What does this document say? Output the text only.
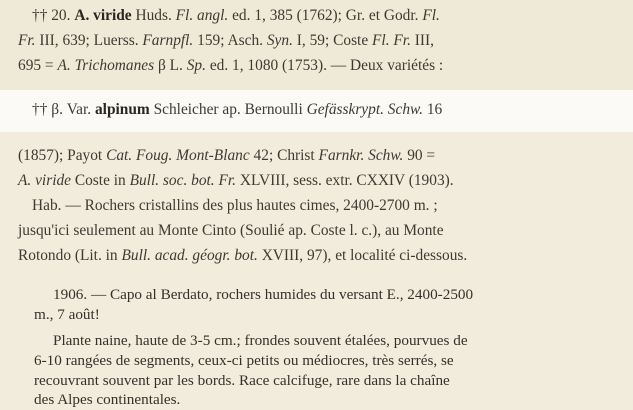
†† 20. A. viride Huds. Fl. angl. ed. 1, 385 (1762); Gr. et Godr. Fl.
Fr. III, 639; Luerss. Farnpfl. 159; Asch. Syn. I, 59; Coste Fl. Fr. III,
695 = A. Trichomanes β L. Sp. ed. 1, 1080 (1753). — Deux variétés :
†† β. Var. alpinum Schleicher ap. Bernoulli Gefässkrypt. Schw. 16
(1857); Payot Cat. Foug. Mont-Blanc 42; Christ Farnkr. Schw. 90 =
A. viride Coste in Bull. soc. bot. Fr. XLVIII, sess. extr. CXXIV (1903).
Hab. — Rochers cristallins des plus hautes cimes, 2400-2700 m. ;
jusqu'ici seulement au Monte Cinto (Soulié ap. Coste l. c.), au Monte
Rotondo (Lit. in Bull. acad. géogr. bot. XVIII, 97), et localité ci-dessous.
1906. — Capo al Berdato, rochers humides du versant E., 2400-2500
m., 7 août!
Plante naine, haute de 3-5 cm.; frondes souvent étalées, pourvues de
6-10 rangées de segments, ceux-ci petits ou médiocres, très serrés, se
recouvrant souvent par les bords. Race calcifuge, rare dans la chaîne
des Alpes continentales.
